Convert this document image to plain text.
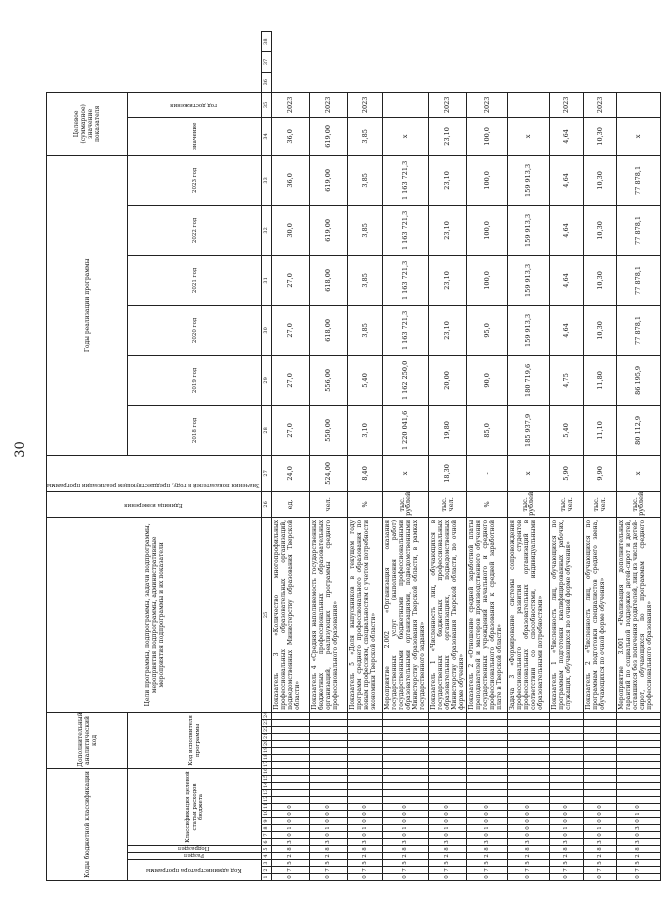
30
Коды бюджетной классификации																Дополнительный аналитический код								Цели программы, подпрограммы, задачи подпрограммы, мероприятия подпрограммы, административные мероприятия подпрограммы и их показатели	Единица измерения	Значения показателей в году, предшествующем реализации программы	Годы реализации программы						Целевое (суммарное) значение показателя				
Код администратора программы			Раздел	Подраздел	Классификация целевой статьи расходов бюджета											Код исполнителя программы											2018 год	2019 год	2020 год	2021 год	2022 год	2023 год	значение	год достижения			
1	2	3	4	5	6	7	8	9	10	11	12	13	14	15	16	17	18	19	20	21	22	23	24	25	26	27	28	29	30	31	32	33	34	35	36	37	38
0	7	5	2	8	3	0	1	0	0	0														Показатель 3 «Количество многопрофильных профессиональных образовательных организаций, подведомственных Министерству образования Тверской области»	ед.	24,0	27,0	27,0	27,0	27,0	30,0	36,0	36,0	2023			
0	7	5	2	8	3	0	1	0	0	0														Показатель 4 «Средняя наполняемость государственных бюджетных профессиональных образовательных организаций, реализующих программы среднего профессионального образования»	чел.	524,00	550,00	556,00	618,00	618,00	619,00	619,00	619,00	2023			
0	7	5	2	8	3	0	1	0	0	0														Показатель 5 «Доля выпускников в текущем году программ среднего профессионального образования по новым профессиям, специальностям с учетом потребности экономики Тверской области»	%	8,40	3,10	5,40	3,85	3,85	3,85	3,85	3,85	2023			
0	7	5	2	8	3	0	1	0	0	0														Мероприятие 2.002 «Организация оказания государственных услуг (выполнения работ) государственными бюджетными профессиональными образовательными организациями, подведомственными Министерству образования Тверской области, в рамках государственного задания»	тыс. рублей	x	1 220 041,6	1 162 250,0	1 163 721,3	1 163 721,3	1 163 721,3	1 163 721,3	x				
0	7	5	2	8	3	0	1	0	0	0														Показатель 1 «Численность лиц, обучающихся в государственных бюджетных профессиональных образовательных организациях, подведомственных Министерству образования Тверской области, по очной форме обучения»	тыс. чел.	18,30	19,80	20,00	23,10	23,10	23,10	23,10	23,10	2023			
0	7	5	2	8	3	0	1	0	0	0														Показатель 2 «Отношение средней заработной платы преподавателей и мастеров производственного обучения государственных учреждений начального и среднего профессионального образования к средней заработной плате в Тверской области»	%	-	85,0	90,0	95,0	100,0	100,0	100,0	100,0	2023			
0	7	5	2	8	3	0	0	0	0	0														Задача 3 «Формирование системы сопровождения профессионального развития студентов профессиональных образовательных организаций в соответствии со способностями, индивидуальными образовательными потребностями»	тыс. рублей	x	185 937,9	180 719,6	159 913,3	159 913,3	159 913,3	159 913,3	x				
0	7	5	2	8	3	0	1	0	0	0														Показатель 1 «Численность лиц, обучающихся по программам подготовки квалифицированных рабочих, служащих, обучающихся по очной форме обучения»	тыс. чел.	5,90	5,40	4,75	4,64	4,64	4,64	4,64	4,64	2023			
0	7	5	2	8	3	0	1	0	0	0														Показатель 2 «Численность лиц, обучающихся по программам подготовки специалистов среднего звена, обучающихся по очной форме обучения»	тыс. чел.	9,90	11,10	11,80	10,30	10,30	10,30	10,30	10,30	2023			
0	7	5	2	8	3	0	3	0	1	0														Мероприятие 3.001 «Реализация дополнительных гарантий по социальной поддержке детей-сирот и детей, оставшихся без попечения родителей, лиц из числа детей-сирот, обучающихся по программам среднего профессионального образования»	тыс. рублей	x	80 112,9	86 195,9	77 878,1	77 878,1	77 878,1	77 878,1	x				
